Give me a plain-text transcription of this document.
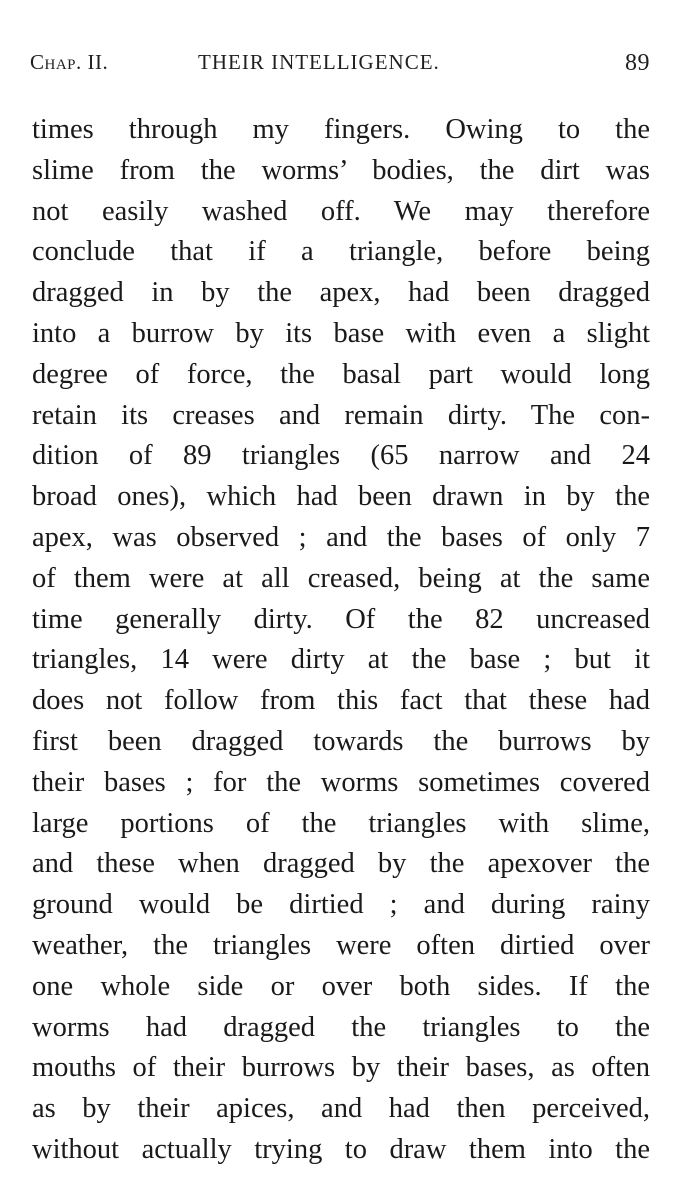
Chap. II.	THEIR INTELLIGENCE.	89
times through my fingers. Owing to the
slime from the worms’ bodies, the dirt was
not easily washed off. We may therefore
conclude that if a triangle, before being
dragged in by the apex, had been dragged
into a burrow by its base with even a slight
degree of force, the basal part would long
retain its creases and remain dirty. The con-
dition of 89 triangles (65 narrow and 24
broad ones), which had been drawn in by the
apex, was observed ; and the bases of only 7
of them were at all creased, being at the same
time generally dirty. Of the 82 uncreased
triangles, 14 were dirty at the base ; but it
does not follow from this fact that these had
first been dragged towards the burrows by
their bases ; for the worms sometimes covered
large portions of the triangles with slime,
and these when dragged by the apexover the
ground would be dirtied ; and during rainy
weather, the triangles were often dirtied over
one whole side or over both sides. If the
worms had dragged the triangles to the
mouths of their burrows by their bases, as often
as by their apices, and had then perceived,
without actually trying to draw them into the
